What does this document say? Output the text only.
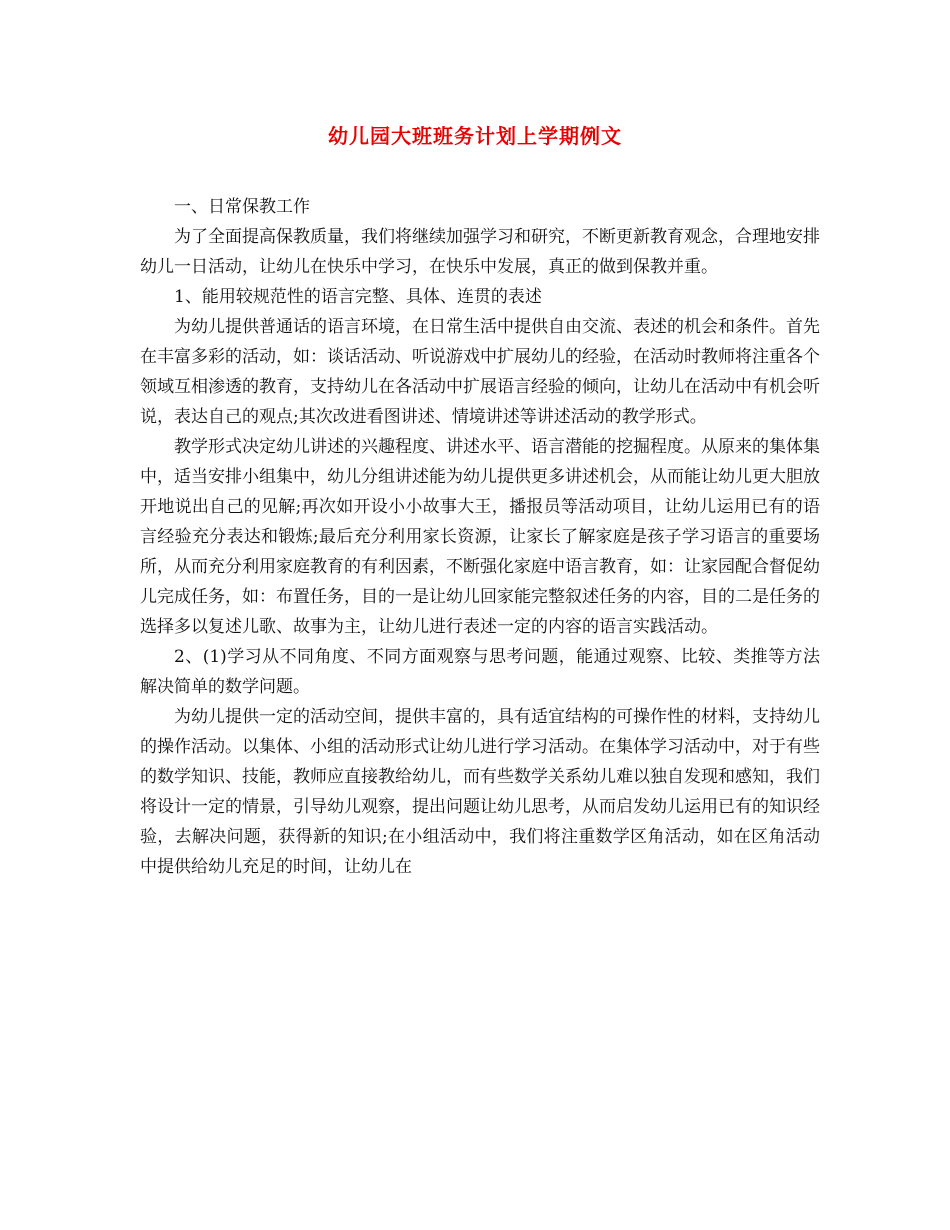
幼儿园大班班务计划上学期例文

一、日常保教工作

为了全面提高保教质量，我们将继续加强学习和研究，不断更新教育观念，合理地安排幼儿一日活动，让幼儿在快乐中学习，在快乐中发展，真正的做到保教并重。

1、能用较规范性的语言完整、具体、连贯的表述

为幼儿提供普通话的语言环境，在日常生活中提供自由交流、表述的机会和条件。首先在丰富多彩的活动，如：谈话活动、听说游戏中扩展幼儿的经验，在活动时教师将注重各个领域互相渗透的教育，支持幼儿在各活动中扩展语言经验的倾向，让幼儿在活动中有机会听说，表达自己的观点;其次改进看图讲述、情境讲述等讲述活动的教学形式。

教学形式决定幼儿讲述的兴趣程度、讲述水平、语言潜能的挖掘程度。从原来的集体集中，适当安排小组集中，幼儿分组讲述能为幼儿提供更多讲述机会，从而能让幼儿更大胆放开地说出自己的见解;再次如开设小小故事大王，播报员等活动项目，让幼儿运用已有的语言经验充分表达和锻炼;最后充分利用家长资源，让家长了解家庭是孩子学习语言的重要场所，从而充分利用家庭教育的有利因素，不断强化家庭中语言教育，如：让家园配合督促幼儿完成任务，如：布置任务，目的一是让幼儿回家能完整叙述任务的内容，目的二是任务的选择多以复述儿歌、故事为主，让幼儿进行表述一定的内容的语言实践活动。

2、(1)学习从不同角度、不同方面观察与思考问题，能通过观察、比较、类推等方法解决简单的数学问题。

为幼儿提供一定的活动空间，提供丰富的，具有适宜结构的可操作性的材料，支持幼儿的操作活动。以集体、小组的活动形式让幼儿进行学习活动。在集体学习活动中，对于有些的数学知识、技能，教师应直接教给幼儿，而有些数学关系幼儿难以独自发现和感知，我们将设计一定的情景，引导幼儿观察，提出问题让幼儿思考，从而启发幼儿运用已有的知识经验，去解决问题，获得新的知识;在小组活动中，我们将注重数学区角活动，如在区角活动中提供给幼儿充足的时间，让幼儿在
